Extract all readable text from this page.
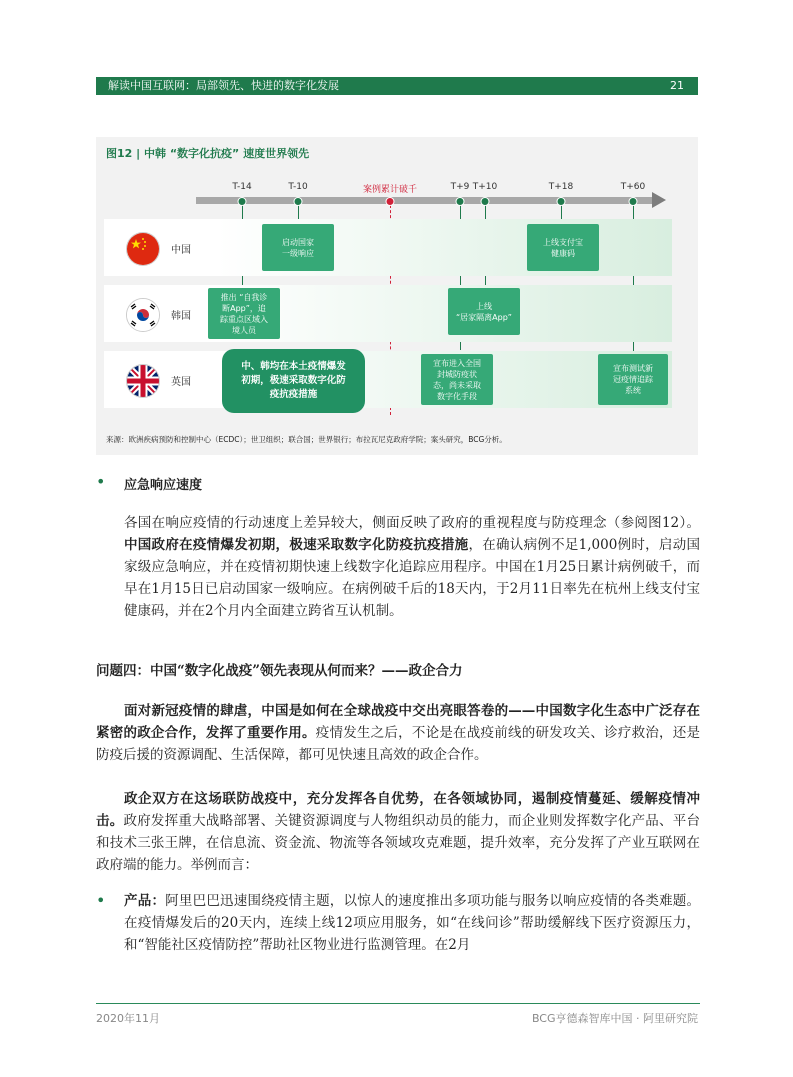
解读中国互联网：局部领先、快进的数字化发展	21
图12 | 中韩 “数字化抗疫” 速度世界领先
T-14	T-10	案例累计破千	T+9 T+10	T+18	T+60
中国
韩国
英国
启动国家
一级响应
上线支付宝
健康码
推出 “自我诊
断App”，追
踪重点区域入
境人员
上线
“居家隔离App”
宣布进入全国
封城防疫状
态，尚未采取
数字化手段
宣布测试新
冠疫情追踪
系统
中、韩均在本土疫情爆发
初期，极速采取数字化防
疫抗疫措施
来源：欧洲疾病预防和控制中心（ECDC）；世卫组织；联合国；世界银行；布拉瓦尼克政府学院；案头研究，BCG分析。
• 应急响应速度
各国在响应疫情的行动速度上差异较大，侧面反映了政府的重视程度与防疫理念（参阅图12）。中国政府在疫情爆发初期，极速采取数字化防疫抗疫措施，在确认病例不足1,000例时，启动国家级应急响应，并在疫情初期快速上线数字化追踪应用程序。中国在1月25日累计病例破千，而早在1月15日已启动国家一级响应。在病例破千后的18天内，于2月11日率先在杭州上线支付宝健康码，并在2个月内全面建立跨省互认机制。
问题四：中国“数字化战疫”领先表现从何而来？——政企合力
面对新冠疫情的肆虐，中国是如何在全球战疫中交出亮眼答卷的——中国数字化生态中广泛存在紧密的政企合作，发挥了重要作用。疫情发生之后，不论是在战疫前线的研发攻关、诊疗救治，还是防疫后援的资源调配、生活保障，都可见快速且高效的政企合作。
政企双方在这场联防战疫中，充分发挥各自优势，在各领域协同，遏制疫情蔓延、缓解疫情冲击。政府发挥重大战略部署、关键资源调度与人物组织动员的能力，而企业则发挥数字化产品、平台和技术三张王牌，在信息流、资金流、物流等各领域攻克难题，提升效率，充分发挥了产业互联网在政府端的能力。举例而言：
• 产品：阿里巴巴迅速围绕疫情主题，以惊人的速度推出多项功能与服务以响应疫情的各类难题。在疫情爆发后的20天内，连续上线12项应用服务，如“在线问诊”帮助缓解线下医疗资源压力，和“智能社区疫情防控”帮助社区物业进行监测管理。在2月
2020年11月	BCG亨德森智库中国 · 阿里研究院
